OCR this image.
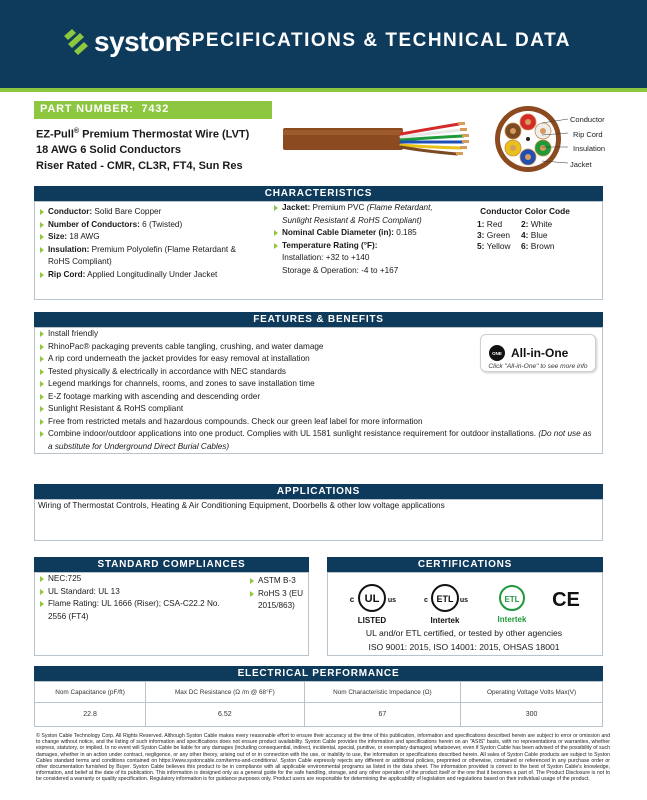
syston
SPECIFICATIONS & TECHNICAL DATA
PART NUMBER: 7432
EZ-Pull® Premium Thermostat Wire (LVT)
18 AWG 6 Solid Conductors
Riser Rated - CMR, CL3R, FT4, Sun Res
Conductor
Rip Cord
Insulation
Jacket
CHARACTERISTICS
Conductor: Solid Bare Copper
Number of Conductors: 6 (Twisted)
Size: 18 AWG
Insulation: Premium Polyolefin (Flame Retardant & RoHS Compliant)
Rip Cord: Applied Longitudinally Under Jacket
Jacket: Premium PVC (Flame Retardant, Sunlight Resistant & RoHS Compliant)
Nominal Cable Diameter (in): 0.185
Temperature Rating (°F):
Installation: +32 to +140
Storage & Operation: -4 to +167
Conductor Color Code
1: Red	2: White
3: Green	4: Blue
5: Yellow	6: Brown
FEATURES & BENEFITS
Install friendly
RhinoPac® packaging prevents cable tangling, crushing, and water damage
A rip cord underneath the jacket provides for easy removal at installation
Tested physically & electrically in accordance with NEC standards
Legend markings for channels, rooms, and zones to save installation time
E-Z footage marking with ascending and descending order
Sunlight Resistant & RoHS compliant
Free from restricted metals and hazardous compounds. Check our green leaf label for more information
Combine indoor/outdoor applications into one product. Complies with UL 1581 sunlight resistance requirement for outdoor installations. (Do not use as a substitute for Underground Direct Burial Cables)
ONE All-in-One
Click "All-in-One" to see more info
APPLICATIONS
Wiring of Thermostat Controls, Heating & Air Conditioning Equipment, Doorbells & other low voltage applications
STANDARD COMPLIANCES
NEC:725
UL Standard: UL 13
Flame Rating: UL 1666 (Riser); CSA-C22.2 No. 2556 (FT4)
ASTM B-3
RoHS 3 (EU 2015/863)
CERTIFICATIONS
UL
c	us
LISTED
ETL
c	us
Intertek
ETL
Intertek
CE
UL and/or ETL certified, or tested by other agencies
ISO 9001: 2015, ISO 14001: 2015, OHSAS 18001
ELECTRICAL PERFORMANCE
Nom Capacitance (pF/ft)	Max DC Resistance (Ω /m @ 68°F)	Nom Characteristic Impedance (Ω)	Operating Voltage Volts Max(V)
22.8	6.52	67	300
© Syston Cable Technology Corp. All Rights Reserved. Although Syston Cable makes every reasonable effort to ensure their accuracy at the time of this publication, information and specifications described herein are subject to error or omission and to change without notice, and the listing of such information and specifications does not ensure product availability. Syston Cable provides the information and specifications herein on an "ASIS" basis, with no representations or warranties, whether express, statutory, or implied. In no event will Syston Cable be liable for any damages (including consequential, indirect, incidental, special, punitive, or exemplary damages) whatsoever, even if Syston Cable has been advised of the possibility of such damages, whether in an action under contract, negligence, or any other theory, arising out of or in connection with the use, or inability to use, the information or specifications described herein. All sales of Syston Cable products are subject to Syston Cables standard terms and conditions contained on https://www.systoncable.com/terms-and-conditions/. Syston Cable expressly rejects any different or additional policies, preprinted or otherwise, contained or referenced in any purchase order or other documentation furnished by Buyer. Syston Cable believes this product to be in compliance with all applicable environmental programs as listed in the data sheet. The information provided is correct to the best of Syston Cable's knowledge, information, and belief at the date of its publication. This information is designed only as a general guide for the safe handling, storage, and any other operation of the product itself or the one that it becomes a part of. The Product Disclosure is not to be considered a warranty or quality specification. Regulatory information is for guidance purposes only. Product users are responsible for determining the applicability of legislation and regulations based on their individual usage of the product.
